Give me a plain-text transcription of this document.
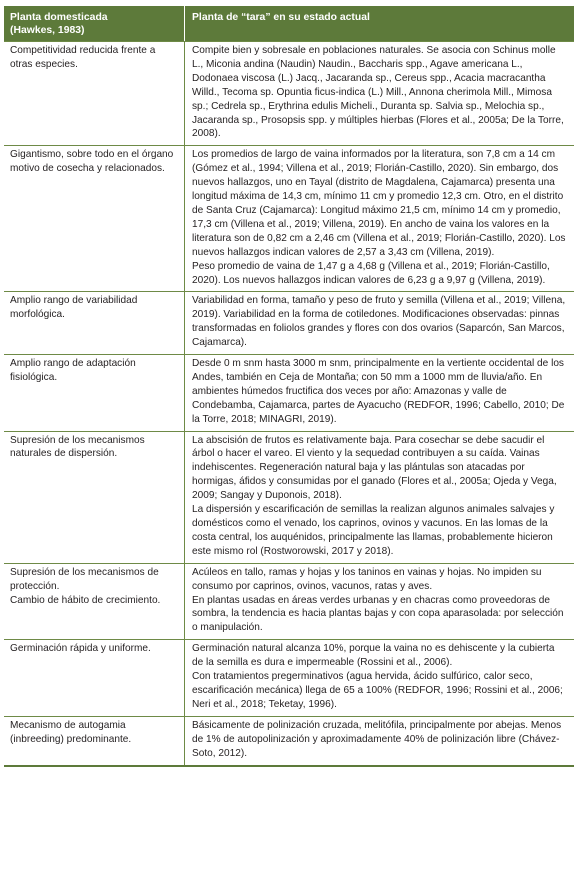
Planta domesticada
(Hawkes, 1983)
Planta de “tara” en su estado actual

Competitividad reducida frente a otras especies.

Compite bien y sobresale en poblaciones naturales. Se asocia con Schinus molle L., Miconia andina (Naudin) Naudin., Baccharis spp., Agave americana L., Dodonaea viscosa (L.) Jacq., Jacaranda sp., Cereus spp., Acacia macracantha Willd., Tecoma sp. Opuntia ficus-indica (L.) Mill., Annona cherimola Mill., Mimosa sp.; Cedrela sp., Erythrina edulis Micheli., Duranta sp. Salvia sp., Melochia sp., Jacaranda sp., Prosopsis spp. y múltiples hierbas (Flores et al., 2005a; De la Torre, 2008).

Gigantismo, sobre todo en el órgano motivo de cosecha y relacionados.

Los promedios de largo de vaina informados por la literatura, son 7,8 cm a 14 cm (Gómez et al., 1994; Villena et al., 2019; Florián-Castillo, 2020). Sin embargo, dos nuevos hallazgos, uno en Tayal (distrito de Magdalena, Cajamarca) presenta una longitud máxima de 14,3 cm, mínimo 11 cm y promedio 12,3 cm. Otro, en el distrito de Santa Cruz (Cajamarca): Longitud máximo 21,5 cm, mínimo 14 cm y promedio, 17,3 cm (Villena et al., 2019; Villena, 2019). En ancho de vaina los valores en la literatura son de 0,82 cm a 2,46 cm (Villena et al., 2019; Florián-Castillo, 2020). Los nuevos hallazgos indican valores de 2,57 a 3,43 cm (Villena, 2019).

Peso promedio de vaina de 1,47 g a 4,68 g (Villena et al., 2019; Florián-Castillo, 2020). Los nuevos hallazgos indican valores de 6,23 g a 9,97 g (Villena, 2019).

Amplio rango de variabilidad morfológica.

Variabilidad en forma, tamaño y peso de fruto y semilla (Villena et al., 2019; Villena, 2019). Variabilidad en la forma de cotiledones. Modificaciones observadas: pinnas transformadas en foliolos grandes y flores con dos ovarios (Saparcón, San Marcos, Cajamarca).

Amplio rango de adaptación fisiológica.

Desde 0 m snm hasta 3000 m snm, principalmente en la vertiente occidental de los Andes, también en Ceja de Montaña; con 50 mm a 1000 mm de lluvia/año. En ambientes húmedos fructifica dos veces por año: Amazonas y valle de Condebamba, Cajamarca, partes de Ayacucho (REDFOR, 1996; Cabello, 2010; De la Torre, 2018; MINAGRI, 2019).

Supresión de los mecanismos naturales de dispersión.

La abscisión de frutos es relativamente baja. Para cosechar se debe sacudir el árbol o hacer el vareo. El viento y la sequedad contribuyen a su caída. Vainas indehiscentes. Regeneración natural baja y las plántulas son atacadas por hormigas, áfidos y consumidas por el ganado (Flores et al., 2005a; Ojeda y Vega, 2009; Sangay y Duponois, 2018).

La dispersión y escarificación de semillas la realizan algunos animales salvajes y domésticos como el venado, los caprinos, ovinos y vacunos. En las lomas de la costa central, los auquénidos, principalmente las llamas, probablemente hicieron este mismo rol (Rostworowski, 2017 y 2018).

Supresión de los mecanismos de protección.

Cambio de hábito de crecimiento.

Acúleos en tallo, ramas y hojas y los taninos en vainas y hojas. No impiden su consumo por caprinos, ovinos, vacunos, ratas y aves.

En plantas usadas en áreas verdes urbanas y en chacras como proveedoras de sombra, la tendencia es hacia plantas bajas y con copa aparasolada: por selección o manipulación.

Germinación rápida y uniforme.	Germinación natural alcanza 10%, porque la vaina no es dehiscente y la cubierta de la semilla es dura e impermeable (Rossini et al., 2006).

Con tratamientos pregerminativos (agua hervida, ácido sulfúrico, calor seco, escarificación mecánica) llega de 65 a 100% (REDFOR, 1996; Rossini et al., 2006; Neri et al., 2018; Teketay, 1996).

Mecanismo de autogamia (inbreeding) predominante.

Básicamente de polinización cruzada, melitófila, principalmente por abejas. Menos de 1% de autopolinización y aproximadamente 40% de polinización libre (Chávez-Soto, 2012).
